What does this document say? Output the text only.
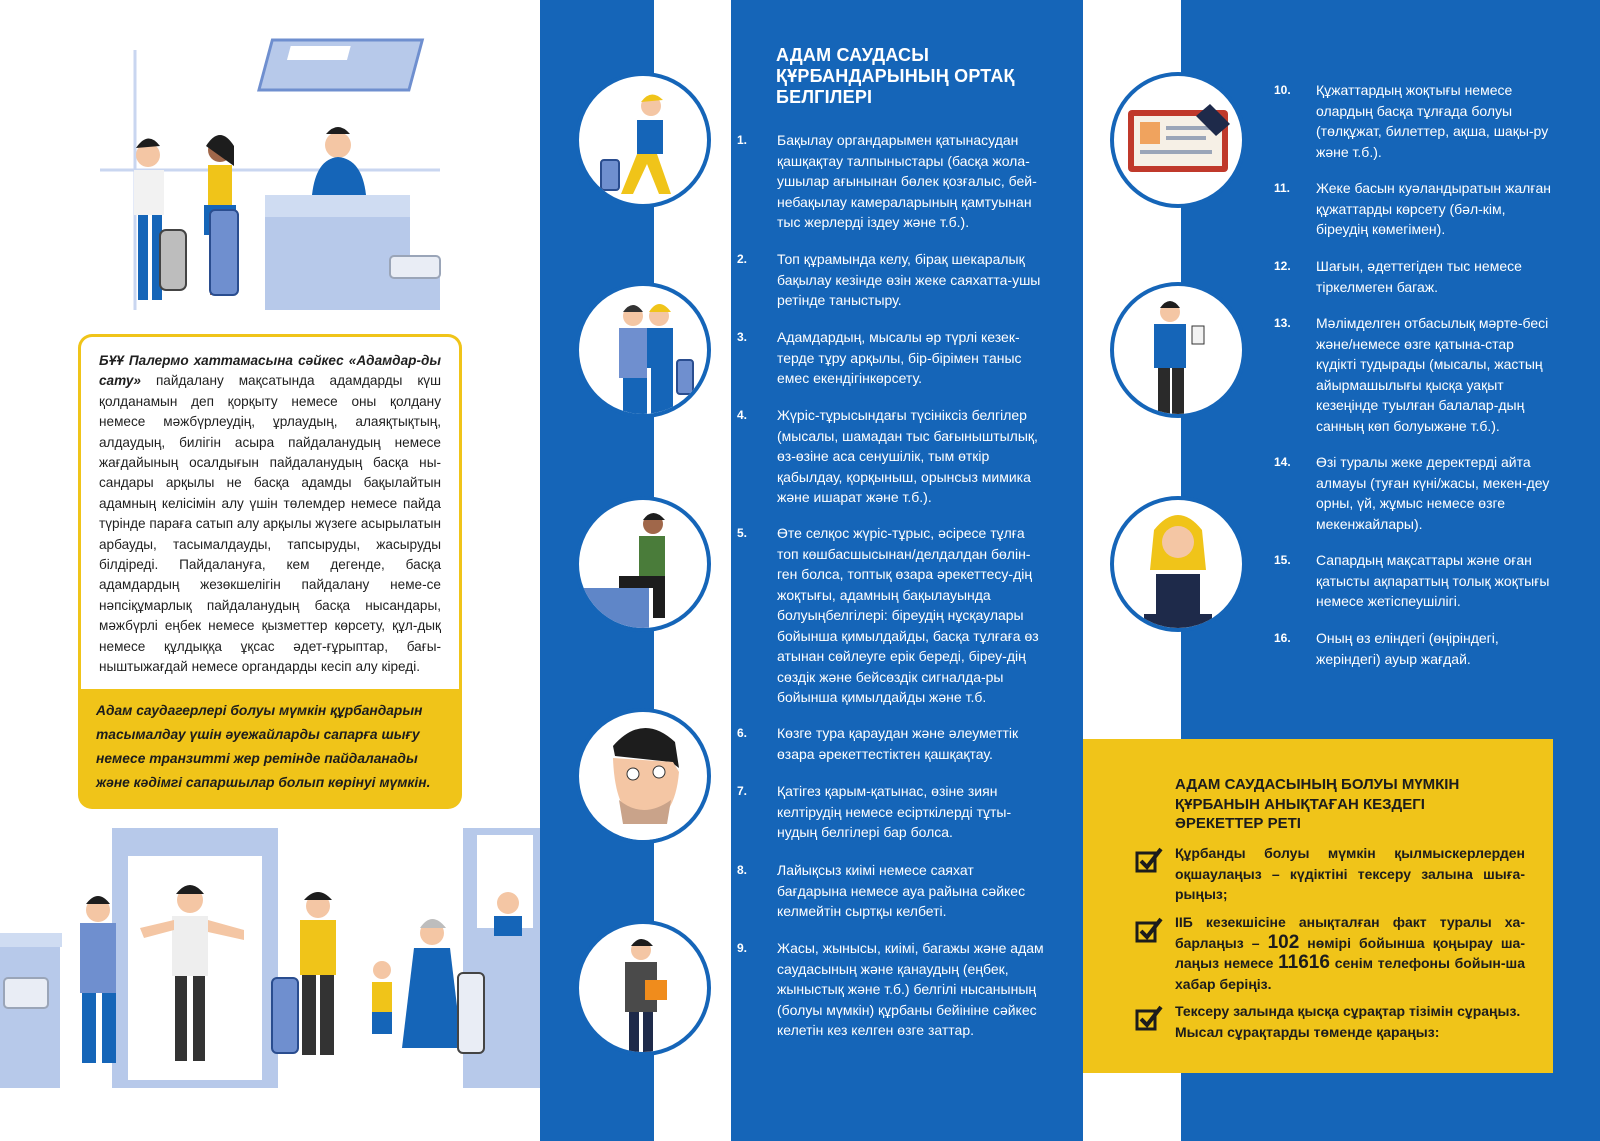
БҰҰ Палермо хаттамасына сәйкес «Адамдар-ды сату» пайдалану мақсатында адамдарды күш қолданамын деп қорқыту немесе оны қолдану немесе мәжбүрлеудің, ұрлаудың, алаяқтықтың, алдаудың, билігін асыра пайдаланудың немесе жағдайының осалдығын пайдаланудың басқа ны-сандары арқылы не басқа адамды бақылайтын адамның келісімін алу үшін төлемдер немесе пайда түрінде параға сатып алу арқылы жүзеге асырылатын арбауды, тасымалдауды, тапсыруды, жасыруды білдіреді. Пайдалануға, кем дегенде, басқа адамдардың жезөкшелігін пайдалану неме-се нәпсіқұмарлық пайдаланудың басқа нысандары, мәжбүрлі еңбек немесе қызметтер көрсету, құл-дық немесе құлдыққа ұқсас әдет-ғұрыптар, бағы-ныштыжағдай немесе органдарды кесіп алу кіреді.

Адам саудагерлері болуы мүмкін құрбандарын тасымалдау үшін әуежайларды сапарға шығу немесе транзитті жер ретінде пайдаланады және кәдімгі сапаршылар болып көрінуі мүмкін.

АДАМ САУДАСЫ ҚҰРБАНДАРЫНЫҢ ОРТАҚ БЕЛГІЛЕРІ
1. Бақылау органдарымен қатынасудан қашқақтау талпыныстары (басқа жола-ушылар ағынынан бөлек қозғалыс, бей-небақылау камераларының қамтуынан тыс жерлерді іздеу және т.б.).
2. Топ құрамында келу, бірақ шекаралық бақылау кезінде өзін жеке саяхатта-ушы ретінде таныстыру.
3. Адамдардың, мысалы әр түрлі кезек-терде тұру арқылы, бір-бірімен таныс емес екендігінкөрсету.
4. Жүріс-тұрысындағы түсініксіз белгілер (мысалы, шамадан тыс бағыныштылық, өз-өзіне аса сенушілік, тым өткір қабылдау, қорқыныш, орынсыз мимика және ишарат және т.б.).
5. Өте селқос жүріс-тұрыс, әсіресе тұлға топ көшбасшысынан/делдалдан бөлін-ген болса, топтық өзара әрекеттесу-дің жоқтығы, адамның бақылауында болуыңбелгілері: біреудің нұсқаулары бойынша қимылдайды, басқа тұлғаға өз атынан сөйлеуге ерік береді, біреу-дің сөздік және бейсөздік сигналда-ры бойынша қимылдайды және т.б.
6. Көзге тура қараудан және әлеуметтік өзара әрекеттестіктен қашқақтау.
7. Қатігез қарым-қатынас, өзіне зиян келтірудің немесе есірткілерді тұты-нудың белгілері бар болса.
8. Лайықсыз киімі немесе саяхат бағдарына немесе ауа райына сәйкес келмейтін сыртқы келбеті.
9. Жасы, жынысы, киімі, багажы және адам саудасының және қанаудың (еңбек, жыныстық және т.б.) белгілі нысанының (болуы мүмкін) құрбаны бейініне сәйкес келетін кез келген өзге заттар.
10. Құжаттардың жоқтығы немесе олардың басқа тұлғада болуы (төлқұжат, билеттер, ақша, шақы-ру және т.б.).
11. Жеке басын куәландыратын жалған құжаттарды көрсету (бәл-кім, біреудің көмегімен).
12. Шағын, әдеттегіден тыс немесе тіркелмеген багаж.
13. Мәлімделген отбасылық мәрте-бесі және/немесе өзге қатына-стар күдікті тудырады (мысалы, жастың айырмашылығы қысқа уақыт кезеңінде туылған балалар-дың санның көп болуыжәне т.б.).
14. Өзі туралы жеке деректерді айта алмауы (туған күні/жасы, мекен-деу орны, үй, жұмыс немесе өзге мекенжайлары).
15. Сапардың мақсаттары және оған қатысты ақпараттың толық жоқтығы немесе жетіспеушілігі.
16. Оның өз еліндегі (өңіріндегі, жеріндегі) ауыр жағдай.
АДАМ САУДАСЫНЫҢ БОЛУЫ МҮМКІН ҚҰРБАНЫН АНЫҚТАҒАН КЕЗДЕГІ ӘРЕКЕТТЕР РЕТІ
Құрбанды болуы мүмкін қылмыскерлерден оқшаулаңыз – күдіктіні тексеру залына шыға-рыңыз;
ІІБ кезекшісіне анықталған факт туралы ха-барлаңыз – 102 нөмірі бойынша қоңырау ша-лаңыз немесе 11616 сенім телефоны бойын-ша хабар беріңіз.
Тексеру залында қысқа сұрақтар тізімін сұраңыз. Мысал сұрақтарды төменде қараңыз:
